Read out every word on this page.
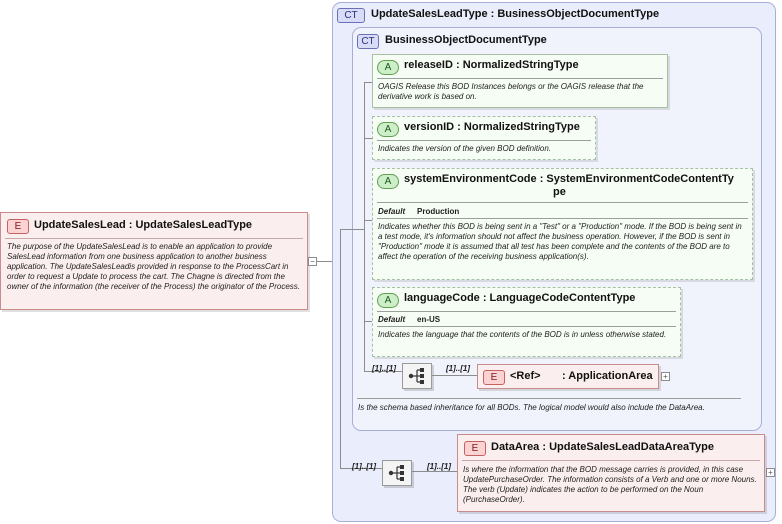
E	UpdateSalesLead : UpdateSalesLeadType
The purpose of the UpdateSalesLead is to enable an application to provide SalesLead information from one business application to another business application. The UpdateSalesLeadis provided in response to the ProcessCart in order to request a Update to process the cart. The Chagne is directed from the owner of the information (the receiver of the Process) the originator of the Process.
−
CT	UpdateSalesLeadType : BusinessObjectDocumentType
CT BusinessObjectDocumentType
A	releaseID : NormalizedStringType
OAGIS Release this BOD Instances belongs or the OAGIS release that the derivative work is based on.
A	versionID : NormalizedStringType
Indicates the version of the given BOD definition.
A	systemEnvironmentCode : SystemEnvironmentCodeContentTy
pe
Default Production
Indicates whether this BOD is being sent in a "Test" or a "Production" mode. If the BOD is being sent in a test mode, it's information should not affect the business operation. However, if the BOD is sent in "Production" mode it is assumed that all test has been complete and the contents of the BOD are to affect the operation of the receiving business application(s).
A	languageCode : LanguageCodeContentType
Default en-US
Indicates the language that the contents of the BOD is in unless otherwise stated.
[1]..[1]	[1]..[1]
E	<Ref> : ApplicationArea +
Is the schema based inheritance for all BODs. The logical model would also include the DataArea.
[1]..[1]	[1]..[1]
E	DataArea : UpdateSalesLeadDataAreaType
Is where the information that the BOD message carries is provided, in this case UpdatePurchaseOrder. The information consists of a Verb and one or more Nouns. The verb (Update) indicates the action to be performed on the Noun (PurchaseOrder).
+
